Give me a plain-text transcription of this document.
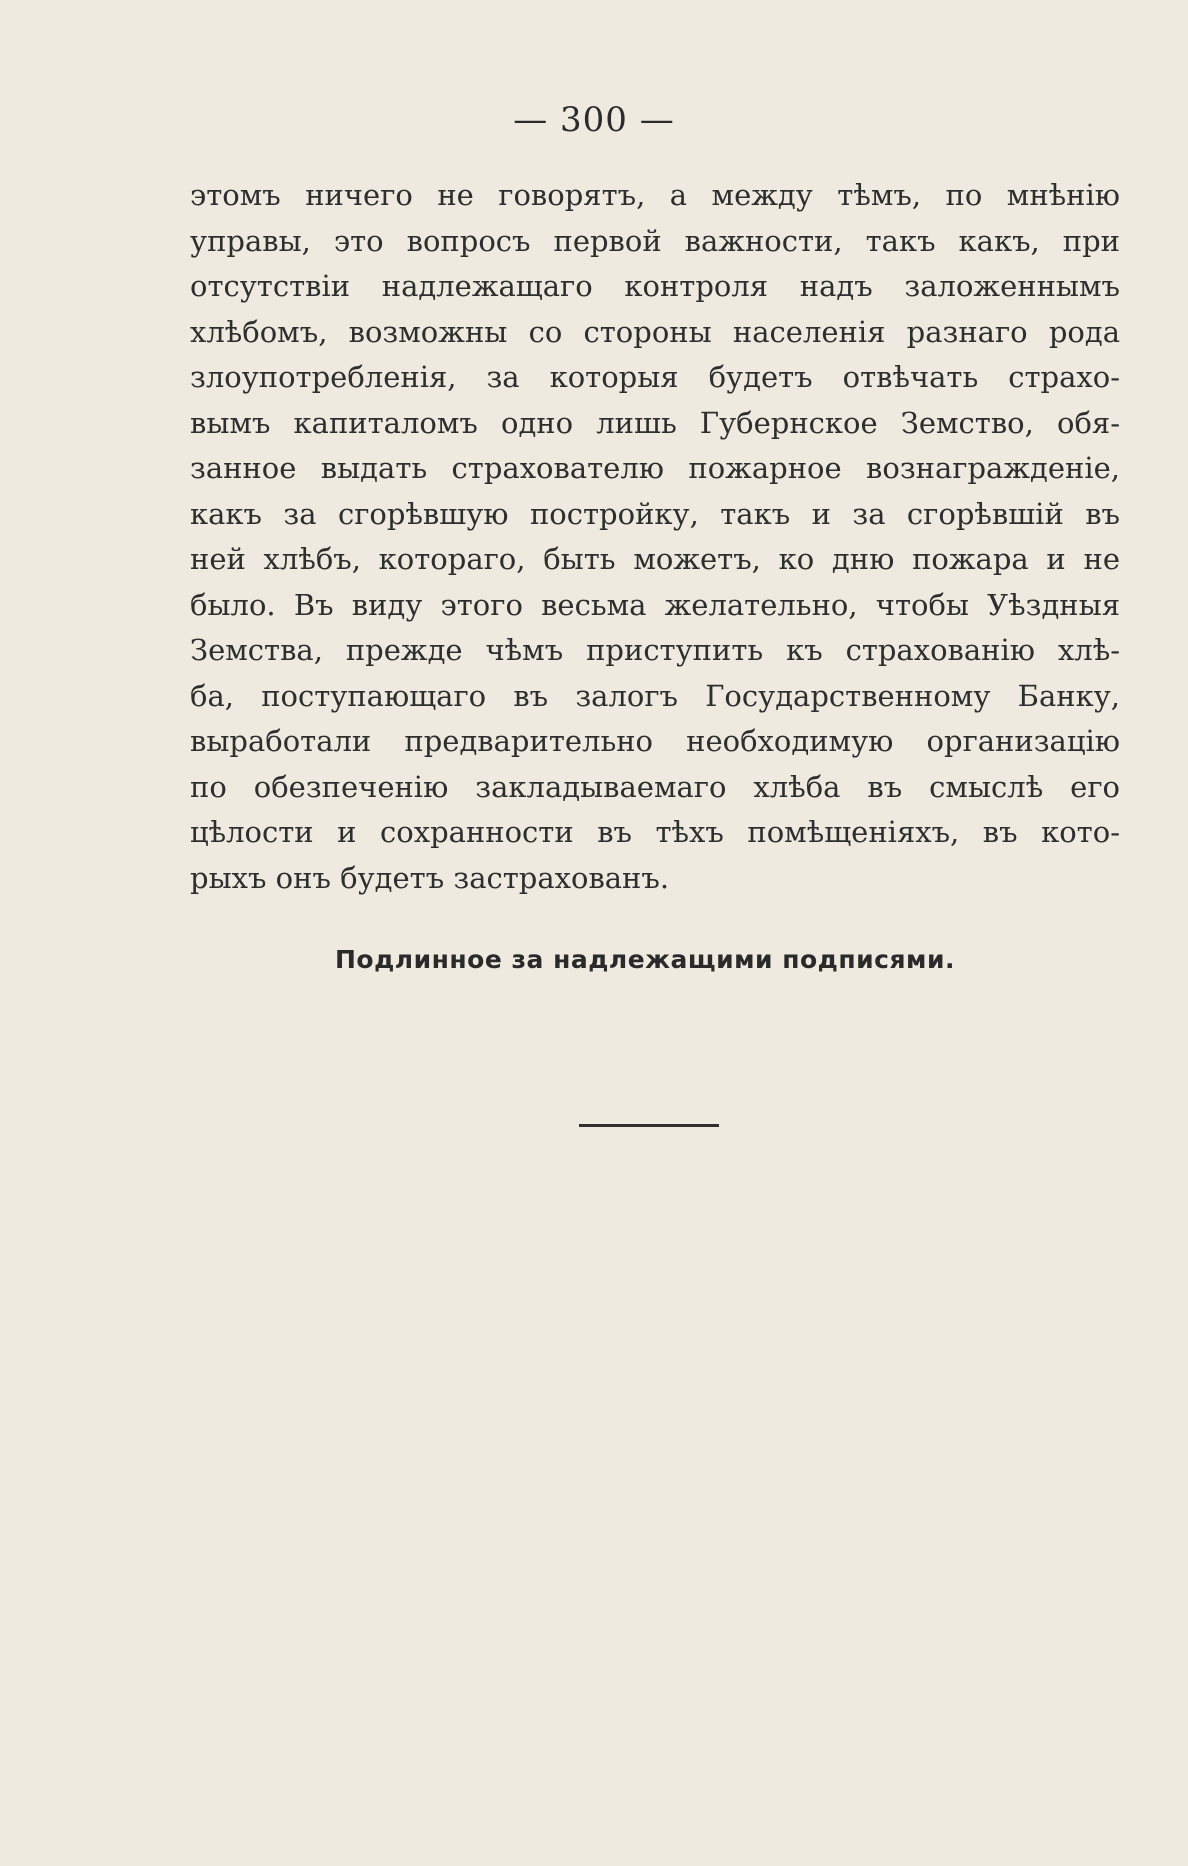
— 300 —
этомъ ничего не говорятъ, а между тѣмъ, по мнѣнію
управы, это вопросъ первой важности, такъ какъ, при
отсутствіи надлежащаго контроля надъ заложеннымъ
хлѣбомъ, возможны со стороны населенія разнаго рода
злоупотребленія, за которыя будетъ отвѣчать страхо-
вымъ капиталомъ одно лишь Губернское Земство, обя-
занное выдать страхователю пожарное вознагражденіе,
какъ за сгорѣвшую постройку, такъ и за сгорѣвшій въ
ней хлѣбъ, котораго, быть можетъ, ко дню пожара и не
было. Въ виду этого весьма желательно, чтобы Уѣздныя
Земства, прежде чѣмъ приступить къ страхованію хлѣ-
ба, поступающаго въ залогъ Государственному Банку,
выработали предварительно необходимую организацію
по обезпеченію закладываемаго хлѣба въ смыслѣ его
цѣлости и сохранности въ тѣхъ помѣщеніяхъ, въ кото-
рыхъ онъ будетъ застрахованъ.
Подлинное за надлежащими подписями.
